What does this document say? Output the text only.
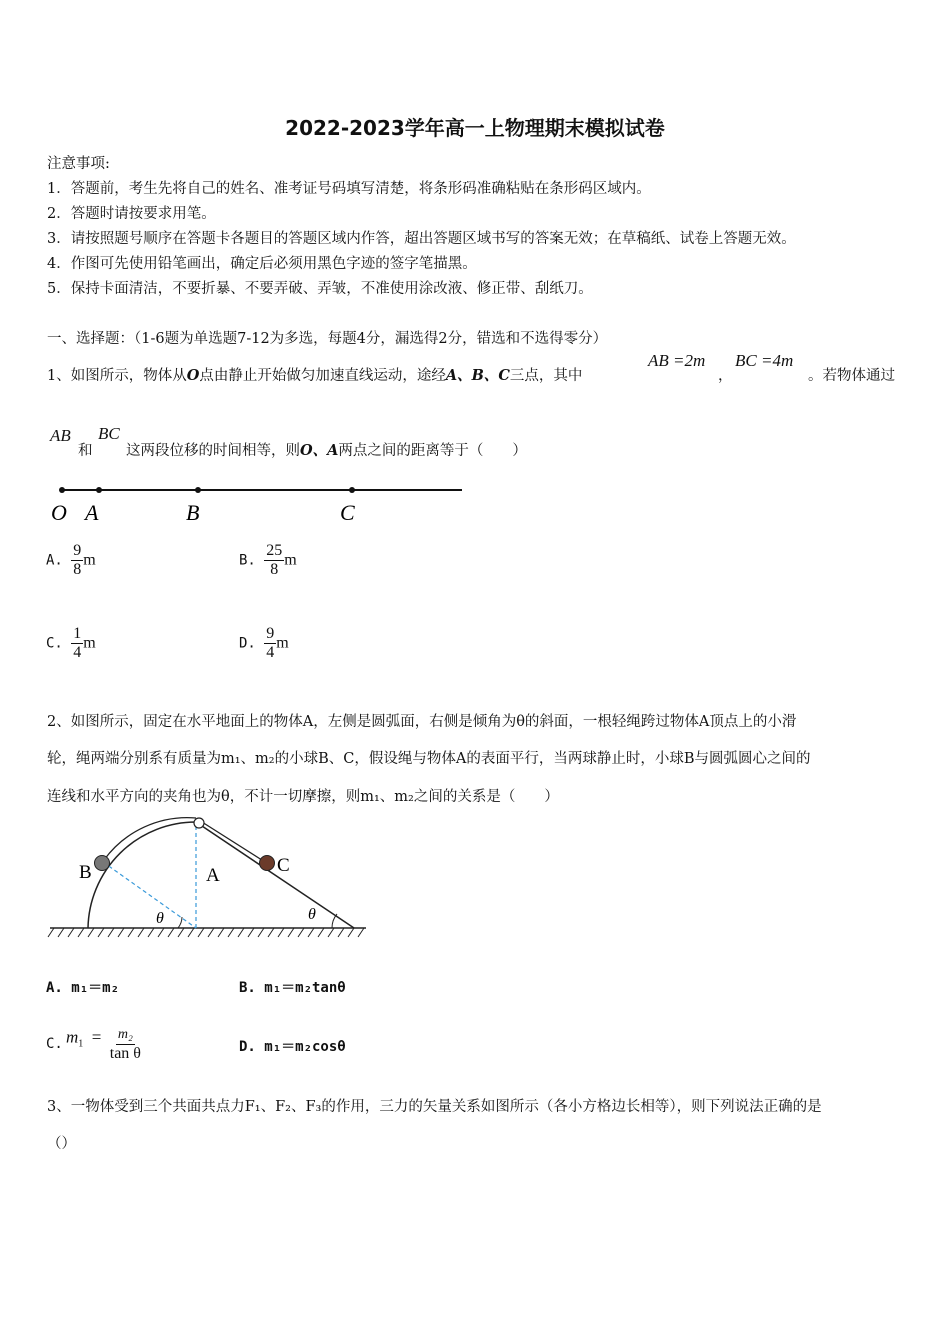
2022-2023学年高一上物理期末模拟试卷
注意事项:
1．答题前，考生先将自己的姓名、准考证号码填写清楚，将条形码准确粘贴在条形码区域内。
2．答题时请按要求用笔。
3．请按照题号顺序在答题卡各题目的答题区域内作答，超出答题区域书写的答案无效；在草稿纸、试卷上答题无效。
4．作图可先使用铅笔画出，确定后必须用黑色字迹的签字笔描黑。
5．保持卡面清洁，不要折暴、不要弄破、弄皱，不准使用涂改液、修正带、刮纸刀。
一、选择题：（1-6题为单选题7-12为多选，每题4分，漏选得2分，错选和不选得零分）
1、如图所示，物体从O点由静止开始做匀加速直线运动，途经A、B、C三点，其中
AB =2m
，
BC =4m
。若物体通过
AB
和
BC
这两段位移的时间相等，则O、A两点之间的距离等于（　　）
O A	B	C
A. $\frac{9}{8}$ m	B. $\frac{25}{8}$ m
C. $\frac{1}{4}$ m	D. $\frac{9}{4}$ m
2、如图所示，固定在水平地面上的物体A，左侧是圆弧面，右侧是倾角为θ的斜面，一根轻绳跨过物体A顶点上的小滑
轮，绳两端分别系有质量为m₁、m₂的小球B、C，假设绳与物体A的表面平行，当两球静止时，小球B与圆弧圆心之间的
连线和水平方向的夹角也为θ，不计一切摩擦，则m₁、m₂之间的关系是（　　）
B	A	C
θ	θ
A. m₁＝m₂	B. m₁＝m₂tanθ
C. $m_1 = \frac{\text{m₂}}{\text{tan θ}}$	D. m₁＝m₂cosθ
3、一物体受到三个共面共点力F₁、F₂、F₃的作用，三力的矢量关系如图所示（各小方格边长相等），则下列说法正确的是
（）
